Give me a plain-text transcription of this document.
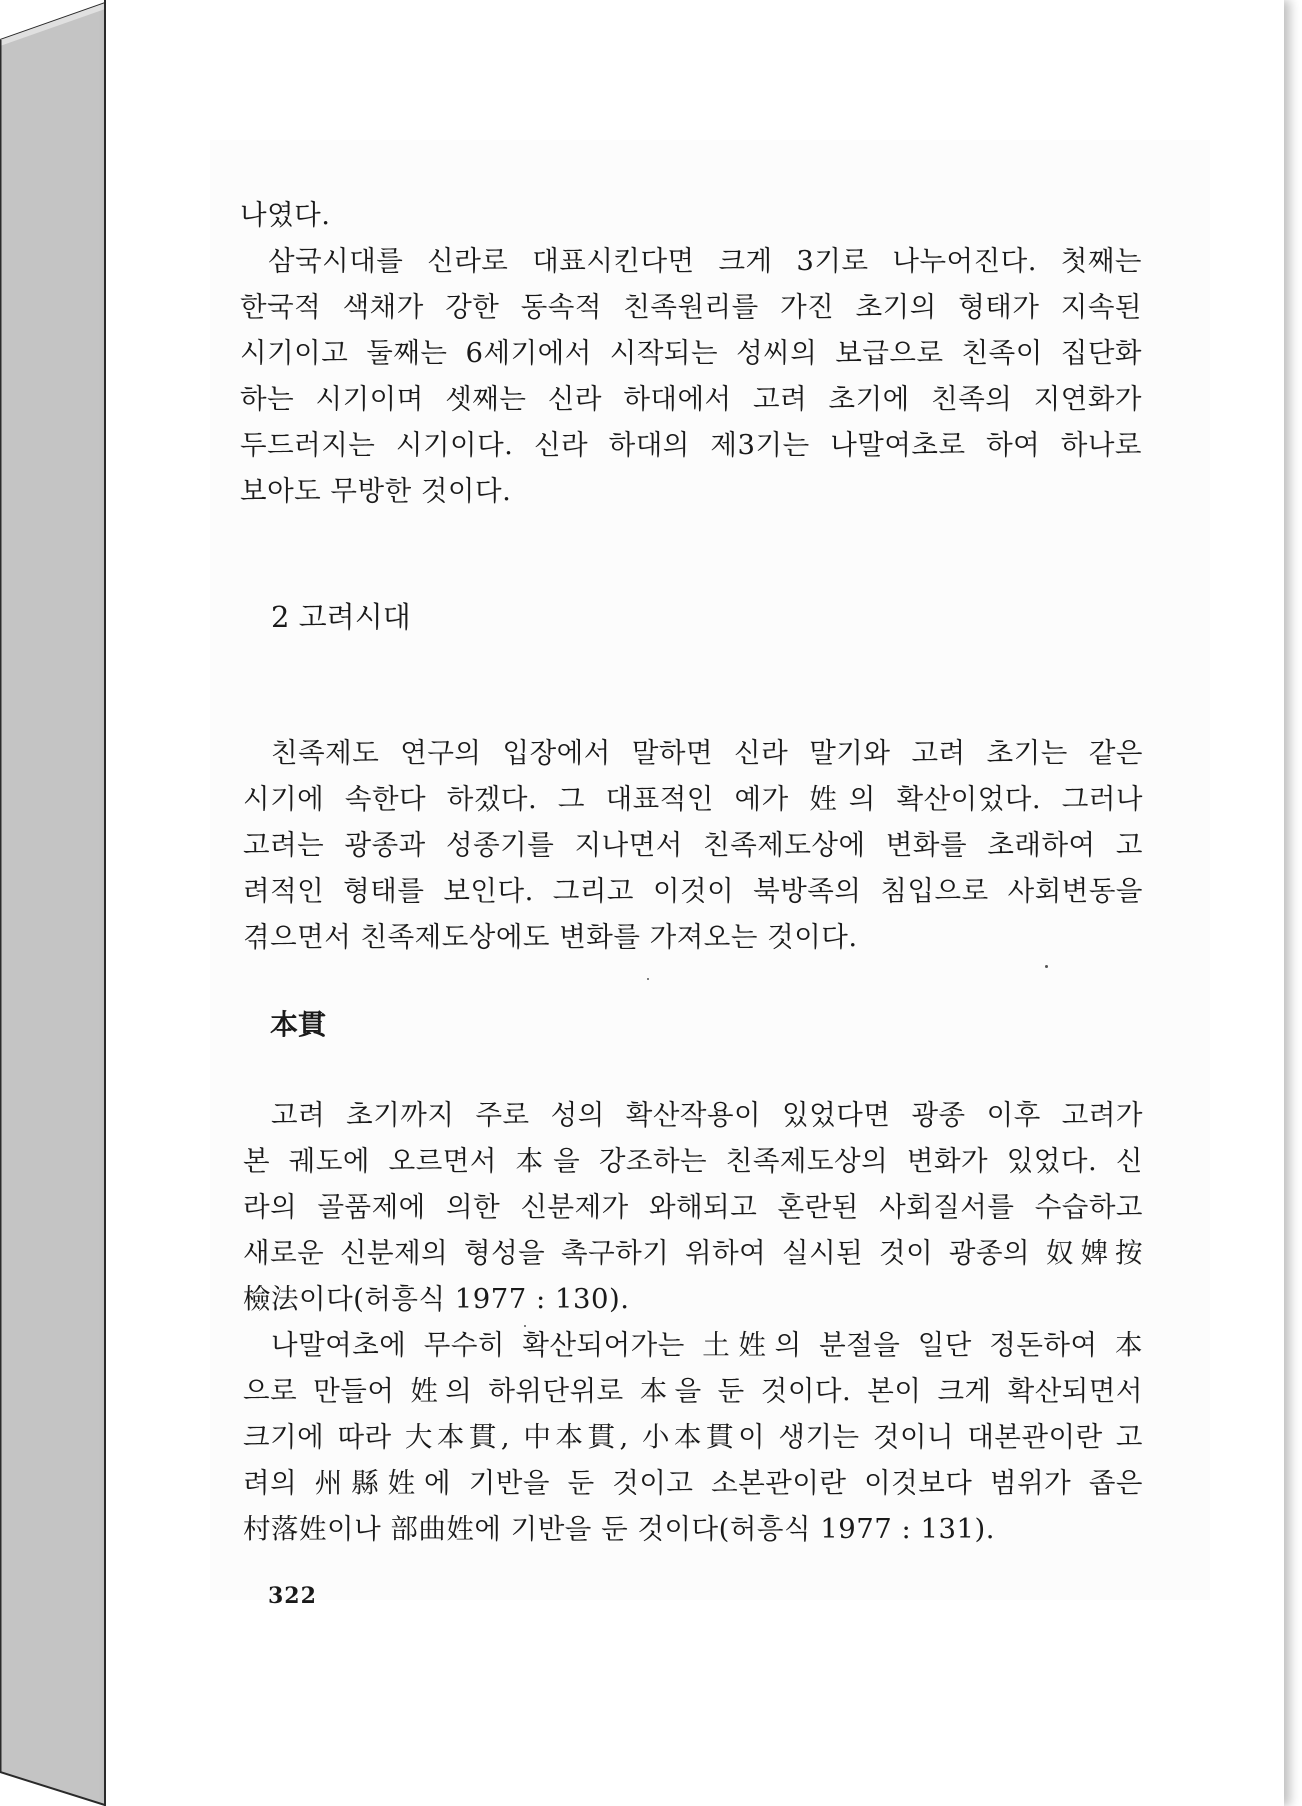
나였다.
삼국시대를 신라로 대표시킨다면 크게 3기로 나누어진다. 첫째는
한국적 색채가 강한 동속적 친족원리를 가진 초기의 형태가 지속된
시기이고 둘째는 6세기에서 시작되는 성씨의 보급으로 친족이 집단화
하는 시기이며 셋째는 신라 하대에서 고려 초기에 친족의 지연화가
두드러지는 시기이다. 신라 하대의 제3기는 나말여초로 하여 하나로
보아도 무방한 것이다.
2 고려시대
친족제도 연구의 입장에서 말하면 신라 말기와 고려 초기는 같은
시기에 속한다 하겠다. 그 대표적인 예가 姓의 확산이었다. 그러나
고려는 광종과 성종기를 지나면서 친족제도상에 변화를 초래하여 고
려적인 형태를 보인다. 그리고 이것이 북방족의 침입으로 사회변동을
겪으면서 친족제도상에도 변화를 가져오는 것이다.
本貫
고려 초기까지 주로 성의 확산작용이 있었다면 광종 이후 고려가
본 궤도에 오르면서 本을 강조하는 친족제도상의 변화가 있었다. 신
라의 골품제에 의한 신분제가 와해되고 혼란된 사회질서를 수습하고
새로운 신분제의 형성을 촉구하기 위하여 실시된 것이 광종의 奴婢按
檢法이다(허흥식 1977 : 130).
나말여초에 무수히 확산되어가는 土姓의 분절을 일단 정돈하여 本
으로 만들어 姓의 하위단위로 本을 둔 것이다. 본이 크게 확산되면서
크기에 따라 大本貫, 中本貫, 小本貫이 생기는 것이니 대본관이란 고
려의 州縣姓에 기반을 둔 것이고 소본관이란 이것보다 범위가 좁은
村落姓이나 部曲姓에 기반을 둔 것이다(허흥식 1977 : 131).
322
